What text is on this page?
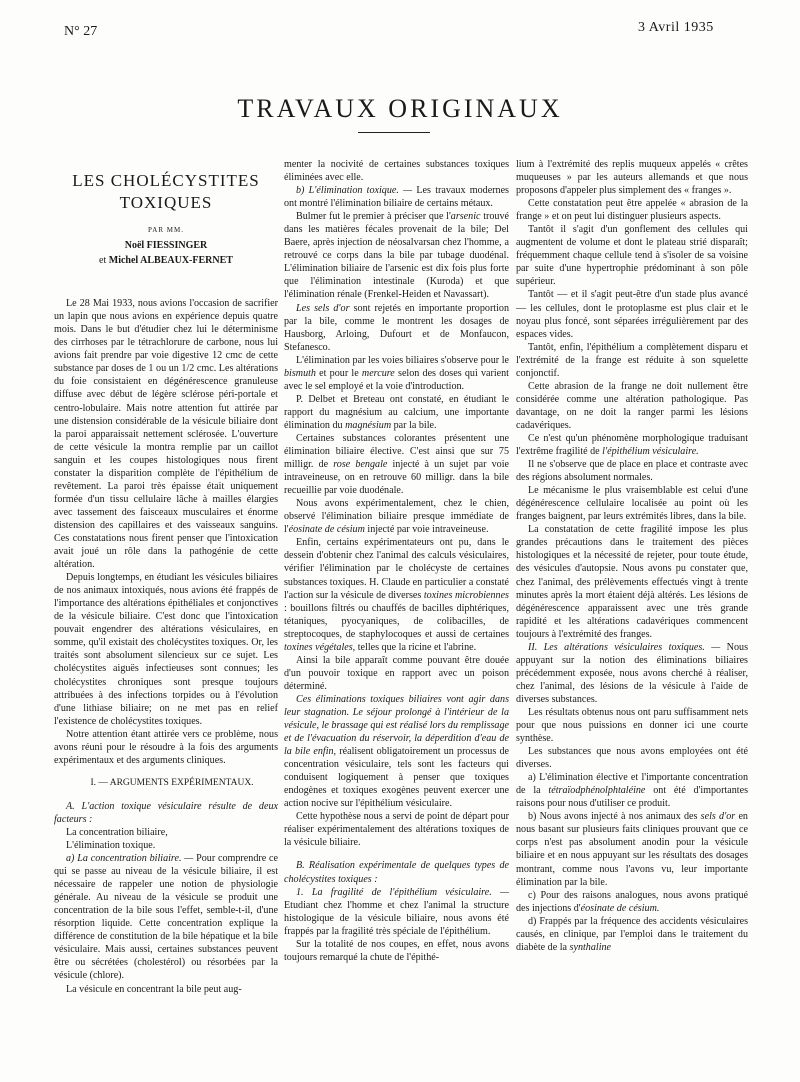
N° 27	3 Avril 1935
TRAVAUX ORIGINAUX
LES CHOLÉCYSTITES
TOXIQUES
PAR MM.
Noël FIESSINGER
et Michel ALBEAUX-FERNET

Le 28 Mai 1933, nous avions l'occasion de sacrifier un lapin que nous avions en expérience depuis quatre mois. Dans le but d'étudier chez lui le déterminisme des cirrhoses par le tétrachlorure de carbone, nous lui avions fait prendre par voie digestive 12 cmc de cette substance par doses de 1 ou un 1/2 cmc. Les altérations du foie consistaient en dégénérescence granuleuse diffuse avec début de légère sclérose péri-portale et centro-lobulaire. Mais notre attention fut attirée par une distension considérable de la vésicule biliaire dont la paroi apparaissait nettement sclérosée. L'ouverture de cette vésicule la montra remplie par un caillot sanguin et les coupes histologiques nous firent constater la disparition complète de l'épithélium de revêtement. La paroi très épaisse était uniquement formée d'un tissu cellulaire lâche à mailles élargies avec tassement des faisceaux musculaires et énorme distension des capillaires et des vaisseaux sanguins. Ces constatations nous firent penser que l'intoxication avait joué un rôle dans la pathogénie de cette altération.

Depuis longtemps, en étudiant les vésicules biliaires de nos animaux intoxiqués, nous avions été frappés de l'importance des altérations épithéliales et conjonctives de la vésicule biliaire. C'est donc que l'intoxication pouvait engendrer des altérations vésiculaires, en somme, qu'il existait des cholécystites toxiques. Or, les traités sont absolument silencieux sur ce sujet. Les cholécystites aiguës infectieuses sont connues; les cholécystites chroniques sont presque toujours attribuées à des infections torpides ou à l'évolution d'une lithiase biliaire; on ne met pas en relief l'existence de cholécystites toxiques.

Notre attention étant attirée vers ce problème, nous avons réuni pour le résoudre à la fois des arguments expérimentaux et des arguments cliniques.

I. — ARGUMENTS EXPÉRIMENTAUX.

A. L'action toxique vésiculaire résulte de deux facteurs :

La concentration biliaire,

L'élimination toxique.

a) La concentration biliaire. — Pour comprendre ce qui se passe au niveau de la vésicule biliaire, il est nécessaire de rappeler une notion de physiologie générale. Au niveau de la vésicule se produit une concentration de la bile sous l'effet, semble-t-il, d'une résorption liquide. Cette concentration explique la différence de constitution de la bile hépatique et la bile vésiculaire. Mais aussi, certaines substances peuvent être ou sécrétées (cholestérol) ou résorbées par la vésicule (chlore).

La vésicule en concentrant la bile peut aug-

menter la nocivité de certaines substances toxiques éliminées avec elle.

b) L'élimination toxique. — Les travaux modernes ont montré l'élimination biliaire de certains métaux.

Bulmer fut le premier à préciser que l'arsenic trouvé dans les matières fécales provenait de la bile; Del Baere, après injection de néosalvarsan chez l'homme, a retrouvé ce corps dans la bile par tubage duodénal. L'élimination biliaire de l'arsenic est dix fois plus forte que l'élimination intestinale (Kuroda) et que l'élimination rénale (Frenkel-Heiden et Navassart).

Les sels d'or sont rejetés en importante proportion par la bile, comme le montrent les dosages de Hausborg, Arloing, Dufourt et de Monfaucon, Stefanesco.

L'élimination par les voies biliaires s'observe pour le bismuth et pour le mercure selon des doses qui varient avec le sel employé et la voie d'introduction.

P. Delbet et Breteau ont constaté, en étudiant le rapport du magnésium au calcium, une importante élimination du magnésium par la bile.

Certaines substances colorantes présentent une élimination biliaire élective. C'est ainsi que sur 75 milligr. de rose bengale injecté à un sujet par voie intraveineuse, on en retrouve 60 milligr. dans la bile recueillie par voie duodénale.

Nous avons expérimentalement, chez le chien, observé l'élimination biliaire presque immédiate de l'éosinate de césium injecté par voie intraveineuse.

Enfin, certains expérimentateurs ont pu, dans le dessein d'obtenir chez l'animal des calculs vésiculaires, vérifier l'élimination par le cholécyste de certaines substances toxiques. H. Claude en particulier a constaté l'action sur la vésicule de diverses toxines microbiennes : bouillons filtrés ou chauffés de bacilles diphtériques, tétaniques, pyocyaniques, de colibacilles, de streptocoques, de staphylocoques et aussi de certaines toxines végétales, telles que la ricine et l'abrine.

Ainsi la bile apparaît comme pouvant être douée d'un pouvoir toxique en rapport avec un poison déterminé.

Ces éliminations toxiques biliaires vont agir dans leur stagnation. Le séjour prolongé à l'intérieur de la vésicule, le brassage qui est réalisé lors du remplissage et de l'évacuation du réservoir, la déperdition d'eau de la bile enfin, réalisent obligatoirement un processus de concentration vésiculaire, tels sont les facteurs qui conduisent logiquement à penser que toxiques endogènes et toxiques exogènes peuvent exercer une action nocive sur l'épithélium vésiculaire.

Cette hypothèse nous a servi de point de départ pour réaliser expérimentalement des altérations toxiques de la vésicule biliaire.

B. Réalisation expérimentale de quelques types de cholécystites toxiques :

1. La fragilité de l'épithélium vésiculaire. — Etudiant chez l'homme et chez l'animal la structure histologique de la vésicule biliaire, nous avons été frappés par la fragilité très spéciale de l'épithélium.

Sur la totalité de nos coupes, en effet, nous avons toujours remarqué la chute de l'épithé-

lium à l'extrémité des replis muqueux appelés « crêtes muqueuses » par les auteurs allemands et que nous proposons d'appeler plus simplement des « franges ».

Cette constatation peut être appelée « abrasion de la frange » et on peut lui distinguer plusieurs aspects.

Tantôt il s'agit d'un gonflement des cellules qui augmentent de volume et dont le plateau strié disparaît; fréquemment chaque cellule tend à s'isoler de sa voisine par suite d'une hypertrophie prédominant à son pôle supérieur.

Tantôt — et il s'agit peut-être d'un stade plus avancé — les cellules, dont le protoplasme est plus clair et le noyau plus foncé, sont séparées irrégulièrement par des espaces vides.

Tantôt, enfin, l'épithélium a complètement disparu et l'extrémité de la frange est réduite à son squelette conjonctif.

Cette abrasion de la frange ne doit nullement être considérée comme une altération pathologique. Pas davantage, on ne doit la ranger parmi les lésions cadavériques.

Ce n'est qu'un phénomène morphologique traduisant l'extrême fragilité de l'épithélium vésiculaire.

Il ne s'observe que de place en place et contraste avec des régions absolument normales.

Le mécanisme le plus vraisemblable est celui d'une dégénérescence cellulaire localisée au point où les franges baignent, par leurs extrémités libres, dans la bile.

La constatation de cette fragilité impose les plus grandes précautions dans le traitement des pièces histologiques et la nécessité de rejeter, pour toute étude, des vésicules d'autopsie. Nous avons pu constater que, chez l'animal, des prélèvements effectués vingt à trente minutes après la mort étaient déjà altérés. Les lésions de dégénérescence apparaissent avec une très grande rapidité et les altérations cadavériques commencent toujours à l'extrémité des franges.

II. Les altérations vésiculaires toxiques. — Nous appuyant sur la notion des éliminations biliaires précédemment exposée, nous avons cherché à réaliser, chez l'animal, des lésions de la vésicule à l'aide de diverses substances.

Les résultats obtenus nous ont paru suffisamment nets pour que nous puissions en donner ici une courte synthèse.

Les substances que nous avons employées ont été diverses.

a) L'élimination élective et l'importante concentration de la tétraïodphénolphtaléine ont été d'importantes raisons pour nous d'utiliser ce produit.

b) Nous avons injecté à nos animaux des sels d'or en nous basant sur plusieurs faits cliniques prouvant que ce corps n'est pas absolument anodin pour la vésicule biliaire et en nous appuyant sur les résultats des dosages montrant, comme nous l'avons vu, leur importante élimination par la bile.

c) Pour des raisons analogues, nous avons pratiqué des injections d'éosinate de césium.

d) Frappés par la fréquence des accidents vésiculaires causés, en clinique, par l'emploi dans le traitement du diabète de la synthaline
